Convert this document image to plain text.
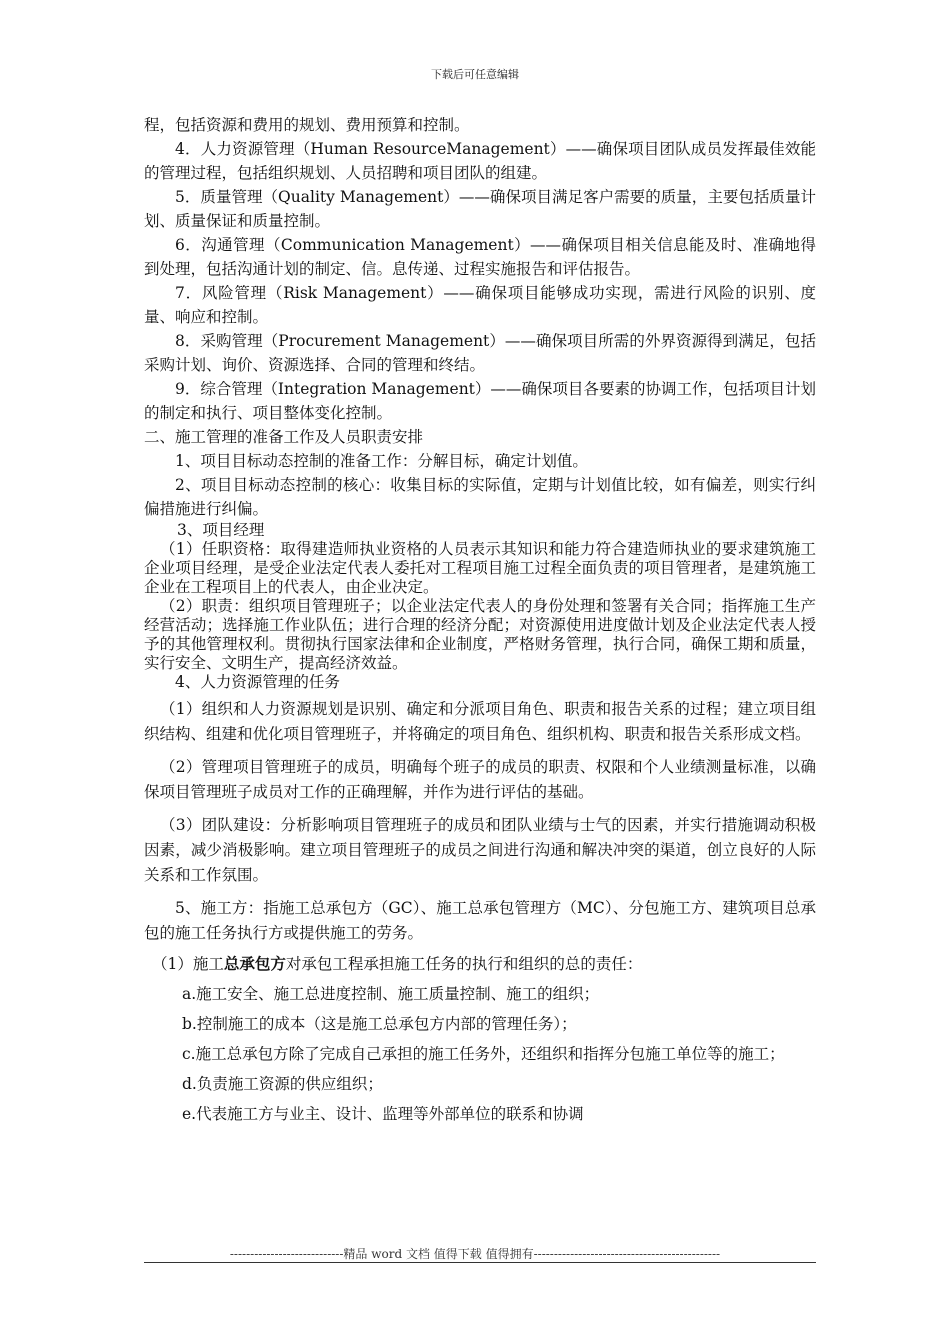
下载后可任意编辑

程，包括资源和费用的规划、费用预算和控制。

4．人力资源管理（Human ResourceManagement）——确保项目团队成员发挥最佳效能的管理过程，包括组织规划、人员招聘和项目团队的组建。

5．质量管理（Quality Management）——确保项目满足客户需要的质量，主要包括质量计划、质量保证和质量控制。

6．沟通管理（Communication Management）——确保项目相关信息能及时、准确地得到处理，包括沟通计划的制定、信。息传递、过程实施报告和评估报告。

7．风险管理（Risk Management）——确保项目能够成功实现，需进行风险的识别、度量、响应和控制。

8．采购管理（Procurement Management）——确保项目所需的外界资源得到满足，包括采购计划、询价、资源选择、合同的管理和终结。

9．综合管理（Integration Management）——确保项目各要素的协调工作，包括项目计划的制定和执行、项目整体变化控制。

二、施工管理的准备工作及人员职责安排

1、项目目标动态控制的准备工作：分解目标，确定计划值。

2、项目目标动态控制的核心：收集目标的实际值，定期与计划值比较，如有偏差，则实行纠偏措施进行纠偏。

3、项目经理

（1）任职资格：取得建造师执业资格的人员表示其知识和能力符合建造师执业的要求建筑施工企业项目经理，是受企业法定代表人委托对工程项目施工过程全面负责的项目管理者，是建筑施工企业在工程项目上的代表人，由企业决定。

（2）职责：组织项目管理班子；以企业法定代表人的身份处理和签署有关合同；指挥施工生产经营活动；选择施工作业队伍；进行合理的经济分配；对资源使用进度做计划及企业法定代表人授予的其他管理权利。贯彻执行国家法律和企业制度，严格财务管理，执行合同，确保工期和质量，实行安全、文明生产，提高经济效益。

4、人力资源管理的任务

（1）组织和人力资源规划是识别、确定和分派项目角色、职责和报告关系的过程；建立项目组织结构、组建和优化项目管理班子，并将确定的项目角色、组织机构、职责和报告关系形成文档。

（2）管理项目管理班子的成员，明确每个班子的成员的职责、权限和个人业绩测量标准，以确保项目管理班子成员对工作的正确理解，并作为进行评估的基础。

（3）团队建设：分析影响项目管理班子的成员和团队业绩与士气的因素，并实行措施调动积极因素，减少消极影响。建立项目管理班子的成员之间进行沟通和解决冲突的渠道，创立良好的人际关系和工作氛围。

5、施工方：指施工总承包方（GC）、施工总承包管理方（MC）、分包施工方、建筑项目总承包的施工任务执行方或提供施工的劳务。

（1）施工总承包方对承包工程承担施工任务的执行和组织的总的责任：

a.施工安全、施工总进度控制、施工质量控制、施工的组织；

b.控制施工的成本（这是施工总承包方内部的管理任务）；

c.施工总承包方除了完成自己承担的施工任务外，还组织和指挥分包施工单位等的施工；

d.负责施工资源的供应组织；

e.代表施工方与业主、设计、监理等外部单位的联系和协调

----------------------------精品 word 文档 值得下载 值得拥有----------------------------------------------
